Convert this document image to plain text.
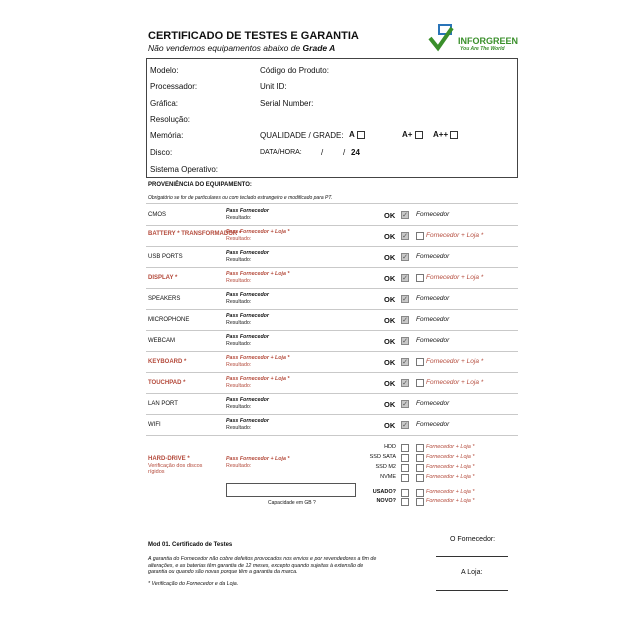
CERTIFICADO DE TESTES E GARANTIA
Não vendemos equipamentos abaixo de Grade A
INFORGREEN
You Are The World
Modelo:	Código do Produto:
Processador:	Unit ID:
Gráfica:	Serial Number:
Resolução:
Memória:	QUALIDADE / GRADE: A	A+	A++
Disco:	DATA/HORA: / / 24
Sistema Operativo:
PROVENIÊNCIA DO EQUIPAMENTO:
Obrigatório se for de particulares ou com teclado estrangeiro e modificado para PT.
CMOS
Pass Fornecedor
Resultado:	OK ✓ Fornecedor
BATTERY * TRANSFORMADOR *
Pass Fornecedor + Loja *
Resultado:	OK ✓	Fornecedor + Loja *
USB PORTS
Pass Fornecedor
Resultado:	OK ✓ Fornecedor
DISPLAY *
Pass Fornecedor + Loja *
Resultado:	OK ✓	Fornecedor + Loja *
SPEAKERS
Pass Fornecedor
Resultado:	OK ✓ Fornecedor
MICROPHONE
Pass Fornecedor
Resultado:	OK ✓ Fornecedor
WEBCAM
Pass Fornecedor
Resultado:	OK ✓ Fornecedor
KEYBOARD *
Pass Fornecedor + Loja *
Resultado:	OK ✓	Fornecedor + Loja *
TOUCHPAD *
Pass Fornecedor + Loja *
Resultado:	OK ✓	Fornecedor + Loja *
LAN PORT
Pass Fornecedor
Resultado:	OK ✓ Fornecedor
WIFI
Pass Fornecedor
Resultado:	OK ✓ Fornecedor
HARD-DRIVE *
Verificação dos discos rígidos
Pass Fornecedor + Loja *
Resultado:
HDD	Fornecedor + Loja *
SSD SATA	Fornecedor + Loja *
SSD M2	Fornecedor + Loja *
NVME	Fornecedor + Loja *
USADO?	Fornecedor + Loja *
NOVO?	Fornecedor + Loja *
Capacidade em GB ?
Mod 01. Certificado de Testes
A garantia do Fornecedor não cobre defeitos provocados nos envios e por revendedores a fim de alterações, e as baterias têm garantia de 12 meses, excepto quando sujeitas à extensão de garantia ou quando são novas porque têm a garantia da marca.
* Verificação do Fornecedor e da Loja.
O Fornecedor:
A Loja:
